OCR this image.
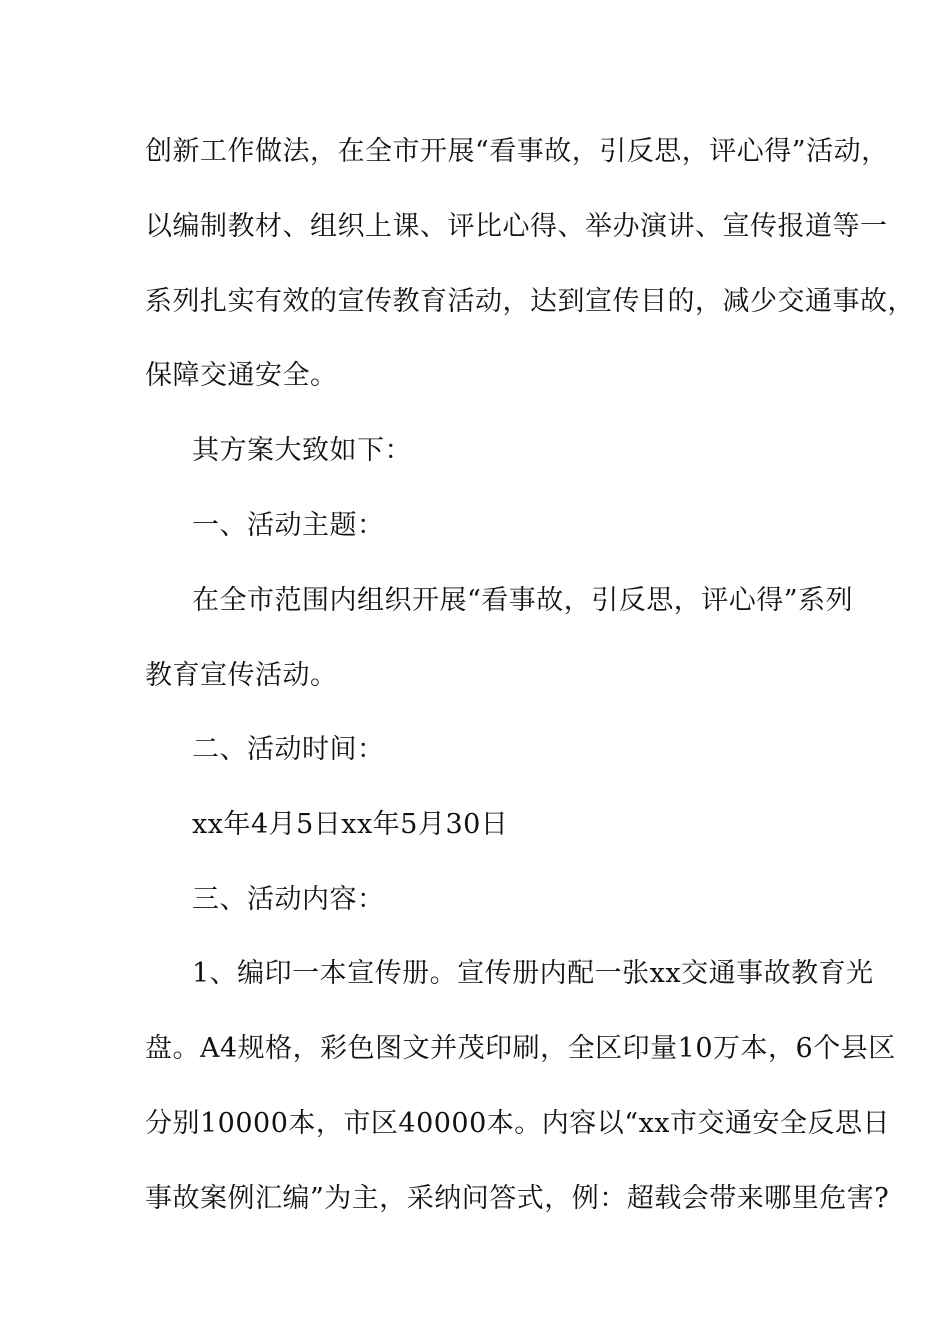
创新工作做法，在全市开展“看事故，引反思，评心得”活动，
以编制教材、组织上课、评比心得、举办演讲、宣传报道等一
系列扎实有效的宣传教育活动，达到宣传目的，减少交通事故，
保障交通安全。
其方案大致如下：
一、活动主题：
在全市范围内组织开展“看事故，引反思，评心得”系列
教育宣传活动。
二、活动时间：
xx年4月5日xx年5月30日
三、活动内容：
1、编印一本宣传册。宣传册内配一张xx交通事故教育光
盘。A4规格，彩色图文并茂印刷，全区印量10万本，6个县区
分别10000本，市区40000本。内容以“xx市交通安全反思日
事故案例汇编”为主，采纳问答式，例：超载会带来哪里危害?
